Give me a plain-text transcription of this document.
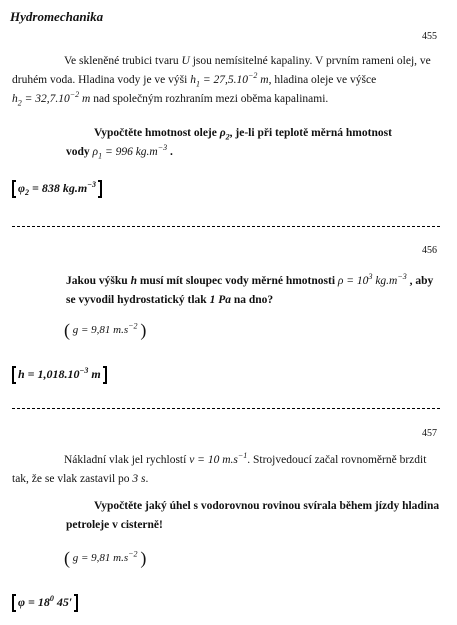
Hydromechanika
455
Ve skleněné trubici tvaru U jsou nemísitelné kapaliny. V prvním rameni olej, ve
druhém voda. Hladina vody je ve výši $h_1 = 27,5.10^{-2}$ m, hladina oleje ve výšce
$h_2 = 32,7.10^{-2}$ m nad společným rozhraním mezi oběma kapalinami.
Vypočtěte hmotnost oleje $\rho_2$, je-li při teplotě měrná hmotnost
vody $\rho_1 = 996$ $kg.m^{-3}$ .
$\varphi_2 = 838$ $kg.m^{-3}$
456
Jakou výšku h musí mít sloupec vody měrné hmotnosti $\rho = 10^3$ $kg.m^{-3}$ , aby
se vyvodil hydrostatický tlak 1 Pa na dno?
( g = 9,81 $m.s^{-2}$ )
$h = 1,018.10^{-3}$ m
457
Nákladní vlak jel rychlostí v = 10 $m.s^{-1}$. Strojvedoucí začal rovnoměrně brzdit
tak, že se vlak zastavil po 3 s.
Vypočtěte jaký úhel s vodorovnou rovinou svírala během jízdy hladina
petroleje v cisterně!
( g = 9,81 $m.s^{-2}$ )
$\varphi = 18^0$ 45′
